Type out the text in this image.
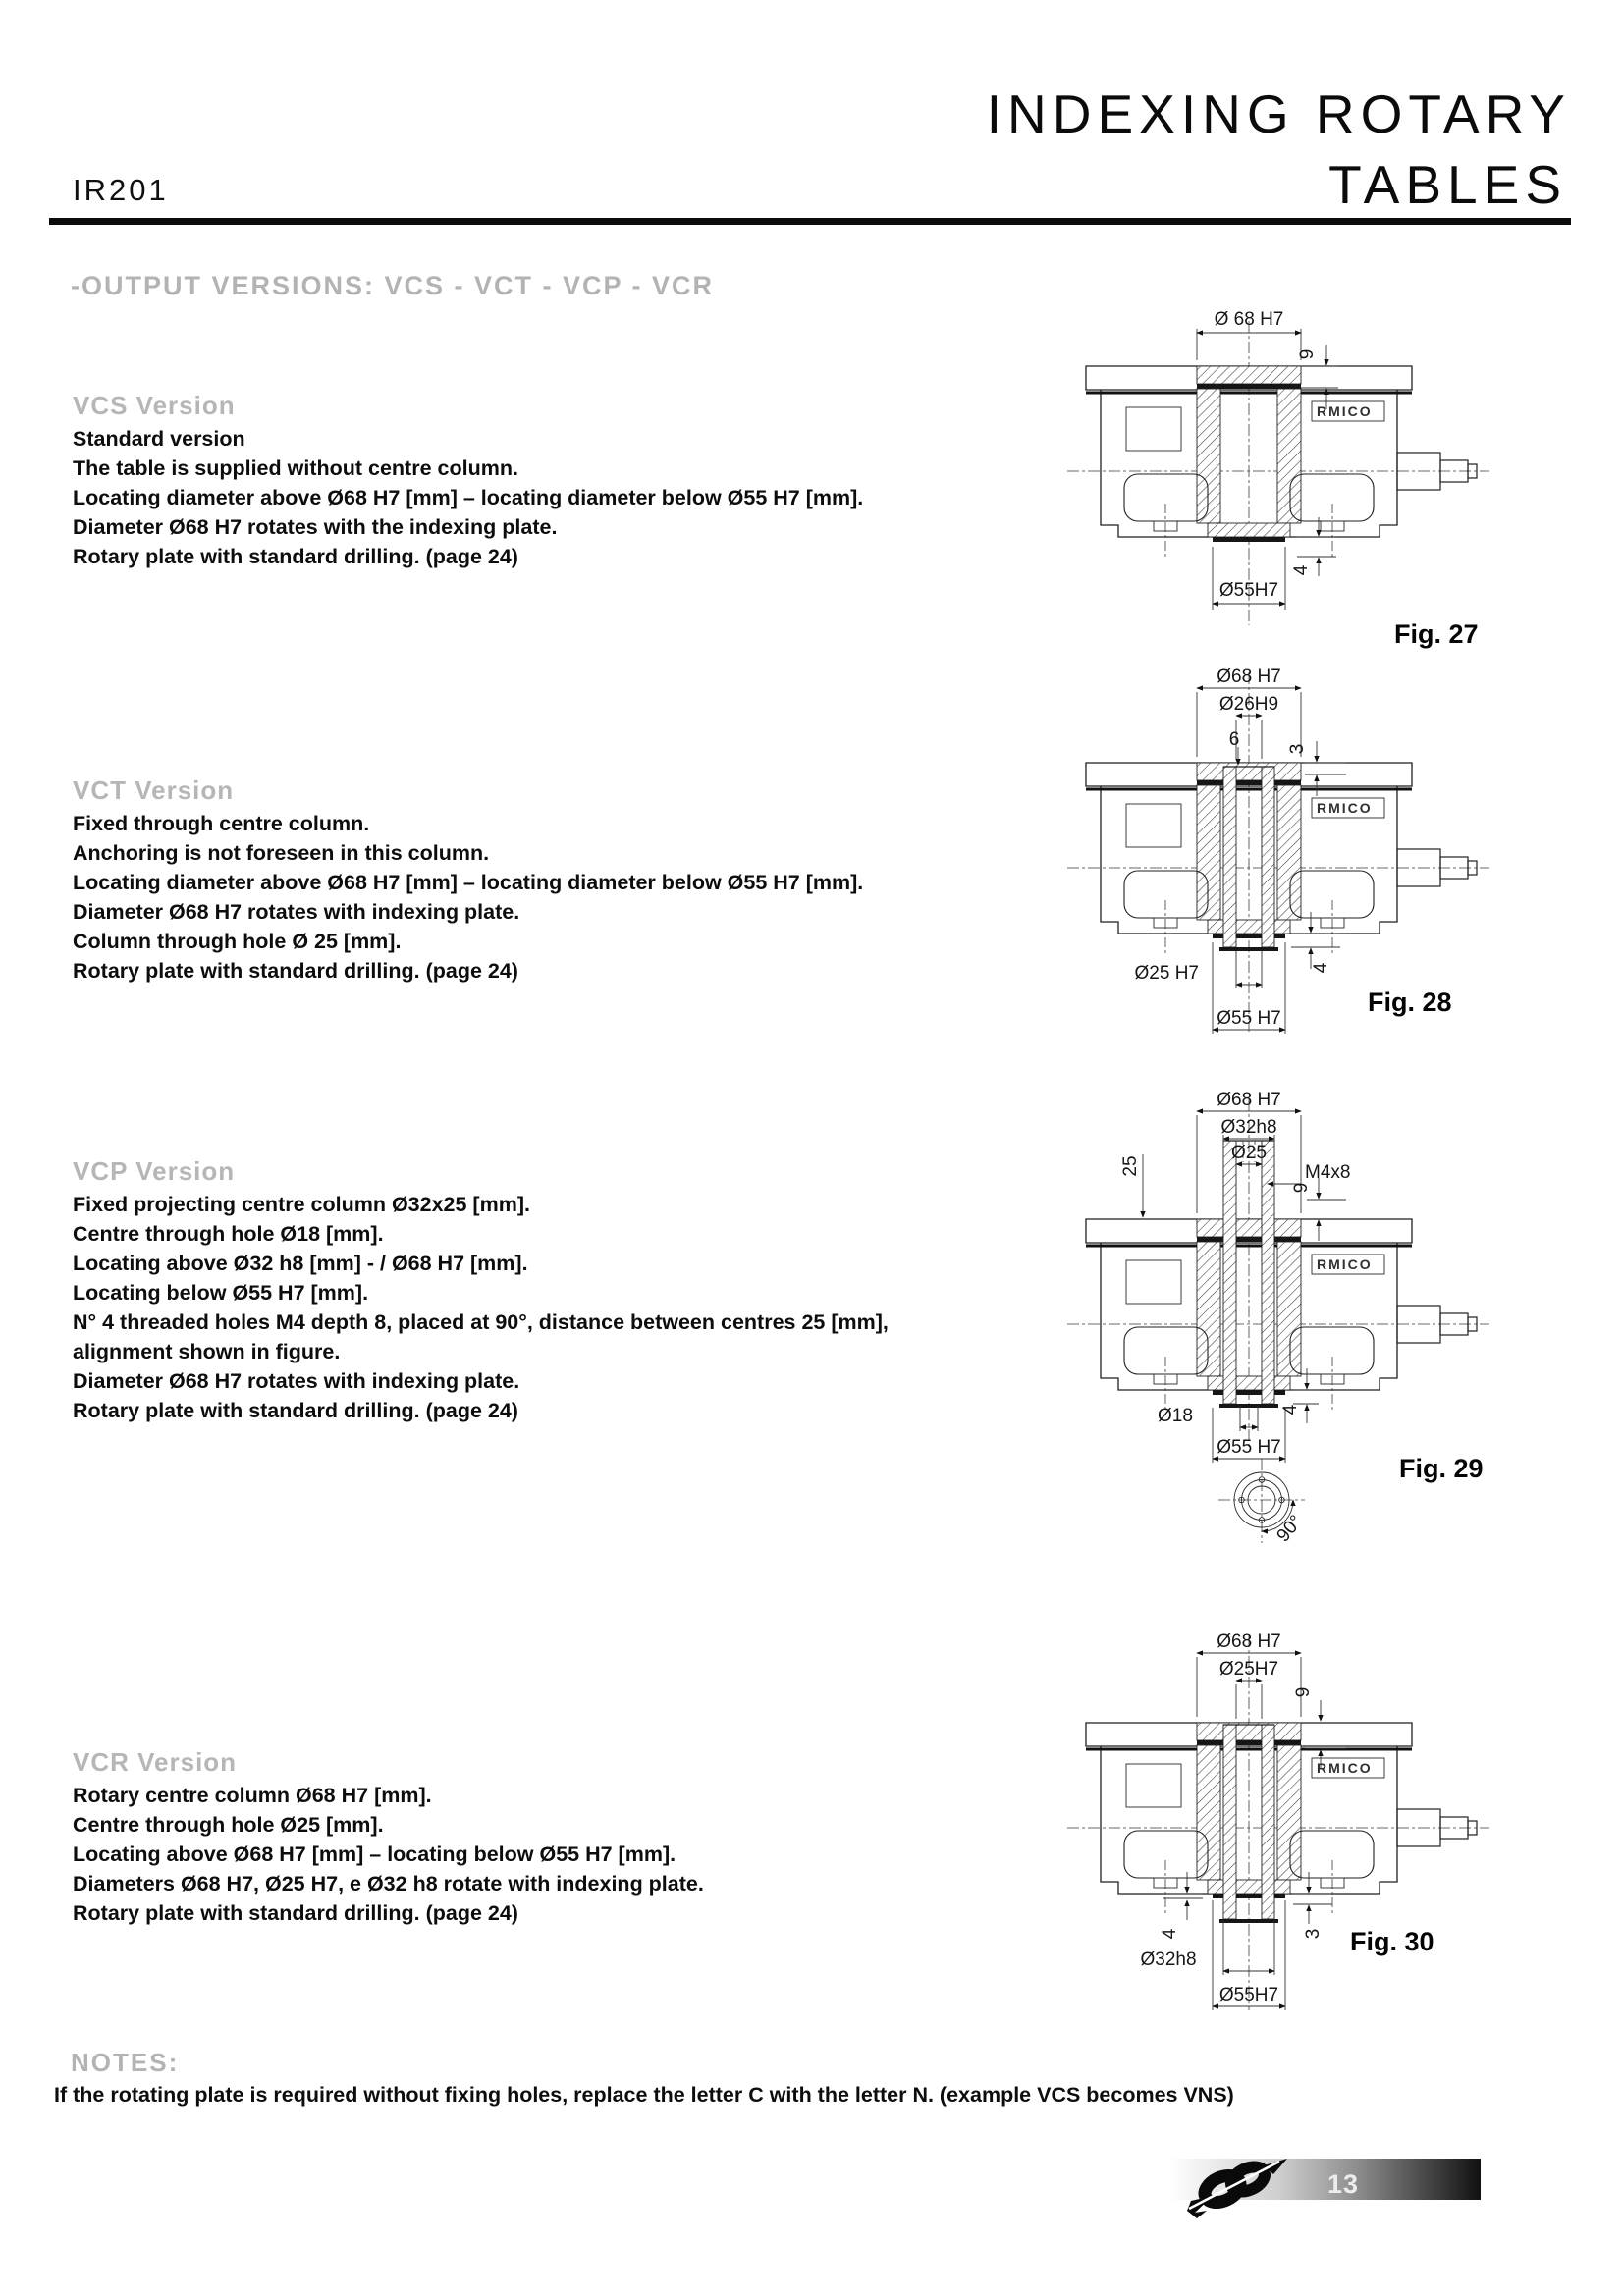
INDEXING ROTARY
TABLES
IR201
-OUTPUT VERSIONS: VCS - VCT - VCP - VCR
VCS Version
Standard version
The table is supplied without centre column.
Locating diameter above Ø68 H7 [mm] – locating diameter below Ø55 H7 [mm].
Diameter Ø68 H7 rotates with the indexing plate.
Rotary plate with standard drilling. (page 24)
VCT Version
Fixed through centre column.
Anchoring is not foreseen in this column.
Locating diameter above Ø68 H7 [mm] – locating diameter below Ø55 H7 [mm].
Diameter Ø68 H7 rotates with indexing plate.
Column through hole Ø 25 [mm].
Rotary plate with standard drilling. (page 24)
VCP Version
Fixed projecting centre column Ø32x25 [mm].
Centre through hole Ø18 [mm].
Locating above Ø32 h8 [mm] - / Ø68 H7 [mm].
Locating below Ø55 H7 [mm].
N° 4 threaded holes M4 depth 8, placed at 90°, distance between centres 25 [mm],
alignment shown in figure.
Diameter Ø68 H7 rotates with indexing plate.
Rotary plate with standard drilling. (page 24)
VCR Version
Rotary centre column Ø68 H7 [mm].
Centre through hole Ø25 [mm].
Locating above Ø68 H7 [mm] – locating below Ø55 H7 [mm].
Diameters Ø68 H7, Ø25 H7, e Ø32 h8 rotate with indexing plate.
Rotary plate with standard drilling. (page 24)
RMICO
Ø 68 H7
9
Ø55H7
4
Fig. 27
RMICO
Ø68 H7
Ø26H9
6	3
Ø25 H7
Ø55 H7
4
Fig. 28
RMICO
Ø68 H7
Ø32h8
Ø25
25	M4x8
9
Ø18	4
Ø55 H7
90°
Fig. 29
RMICO
Ø68 H7
Ø25H7
9
4	3
Ø32h8
Ø55H7
Fig. 30
NOTES:
If the rotating plate is required without fixing holes, replace the letter C with the letter N. (example VCS becomes VNS)
13
